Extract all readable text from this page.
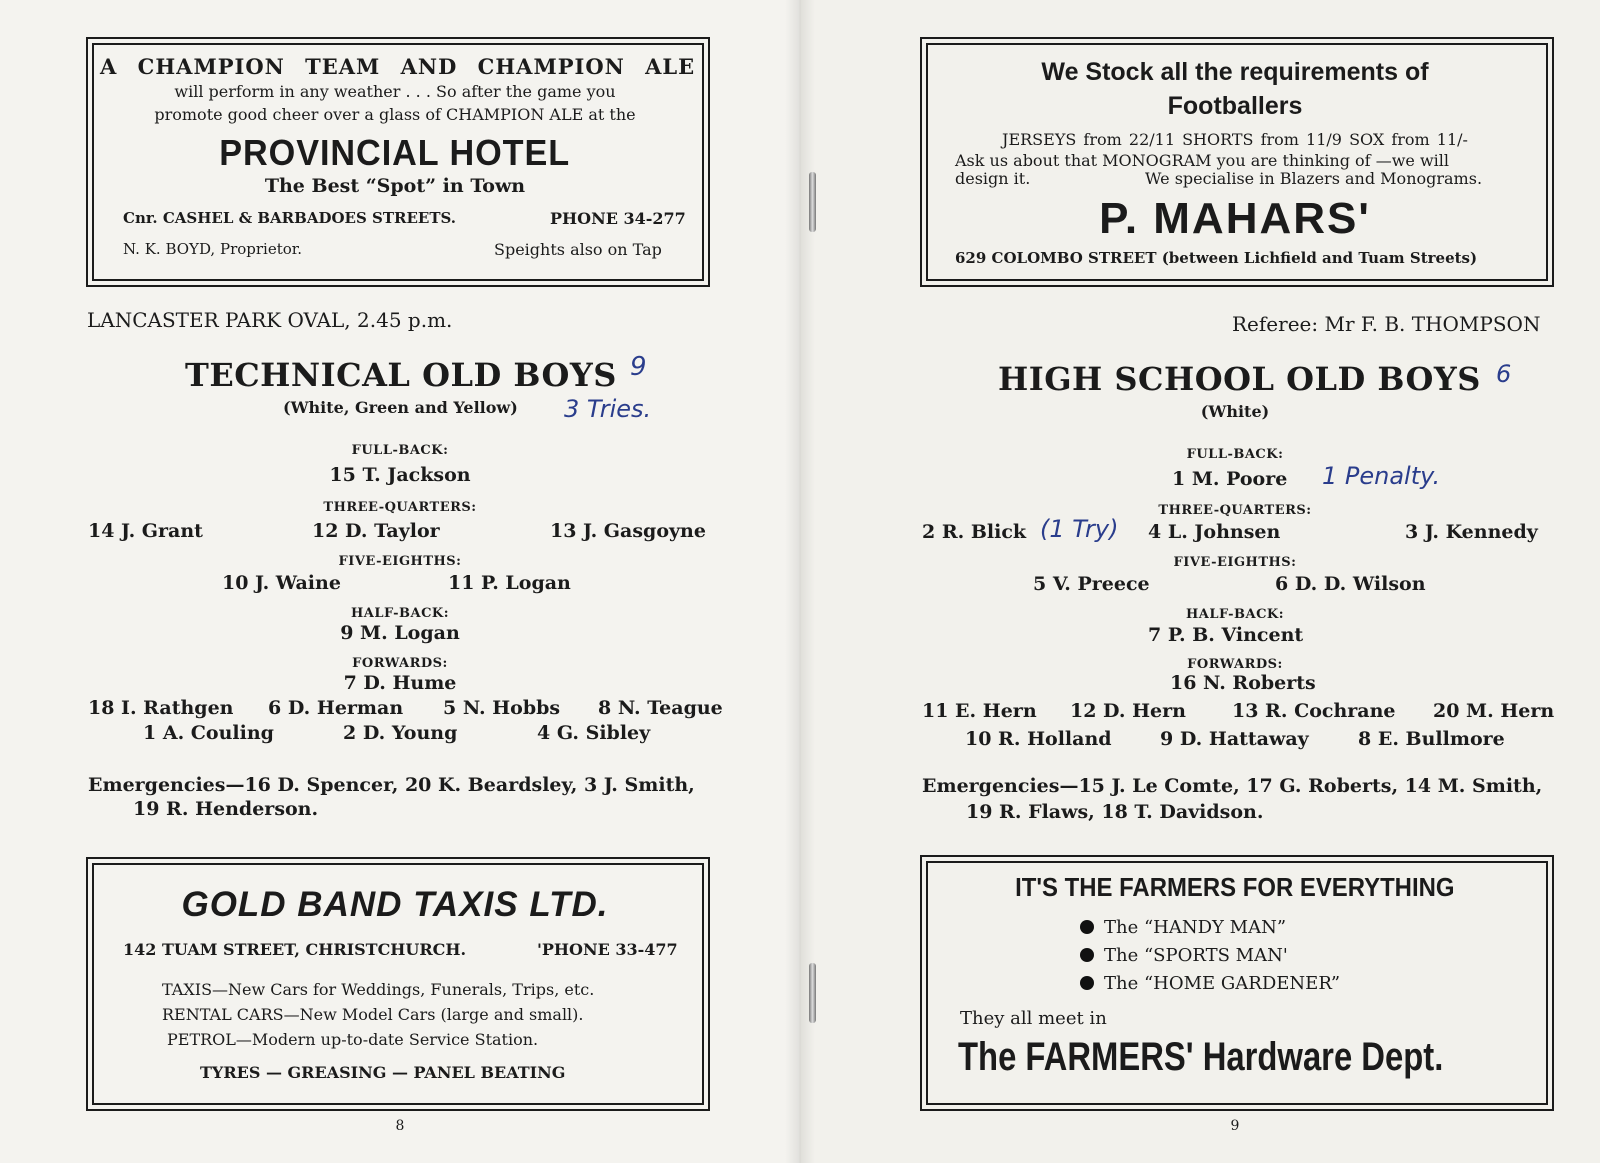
A CHAMPION TEAM AND CHAMPION ALE
will perform in any weather . . . So after the game you
promote good cheer over a glass of CHAMPION ALE at the
PROVINCIAL HOTEL
The Best “Spot” in Town
Cnr. CASHEL & BARBADOES STREETS.	PHONE 34-277
N. K. BOYD, Proprietor.	Speights also on Tap
LANCASTER PARK OVAL, 2.45 p.m.
TECHNICAL OLD BOYS 9
(White, Green and Yellow) 3 Tries.
FULL-BACK:
15 T. Jackson
THREE-QUARTERS:
14 J. Grant	12 D. Taylor	13 J. Gasgoyne
FIVE-EIGHTHS:
10 J. Waine	11 P. Logan
HALF-BACK:
9 M. Logan
FORWARDS:
7 D. Hume
18 I. Rathgen 6 D. Herman 5 N. Hobbs 8 N. Teague
1 A. Couling	2 D. Young	4 G. Sibley
Emergencies—16 D. Spencer, 20 K. Beardsley, 3 J. Smith,
19 R. Henderson.
GOLD BAND TAXIS LTD.
142 TUAM STREET, CHRISTCHURCH.	'PHONE 33-477
TAXIS—New Cars for Weddings, Funerals, Trips, etc.
RENTAL CARS—New Model Cars (large and small).
PETROL—Modern up-to-date Service Station.
TYRES — GREASING — PANEL BEATING
8
We Stock all the requirements of
Footballers
JERSEYS from 22/11 SHORTS from 11/9 SOX from 11/-
Ask us about that MONOGRAM you are thinking of —we will
design it.	We specialise in Blazers and Monograms.
P. MAHARS'
629 COLOMBO STREET (between Lichfield and Tuam Streets)
Referee: Mr F. B. THOMPSON
HIGH SCHOOL OLD BOYS 6
(White)
FULL-BACK:
1 M. Poore 1 Penalty.
THREE-QUARTERS:
2 R. Blick (1 Try) 4 L. Johnsen	3 J. Kennedy
FIVE-EIGHTHS:
5 V. Preece	6 D. D. Wilson
HALF-BACK:
7 P. B. Vincent
FORWARDS:
16 N. Roberts
11 E. Hern 12 D. Hern 13 R. Cochrane 20 M. Hern
10 R. Holland	9 D. Hattaway	8 E. Bullmore
Emergencies—15 J. Le Comte, 17 G. Roberts, 14 M. Smith,
19 R. Flaws, 18 T. Davidson.
IT'S THE FARMERS FOR EVERYTHING
The “HANDY MAN”
The “SPORTS MAN'
The “HOME GARDENER”
They all meet in
The FARMERS' Hardware Dept.
9
